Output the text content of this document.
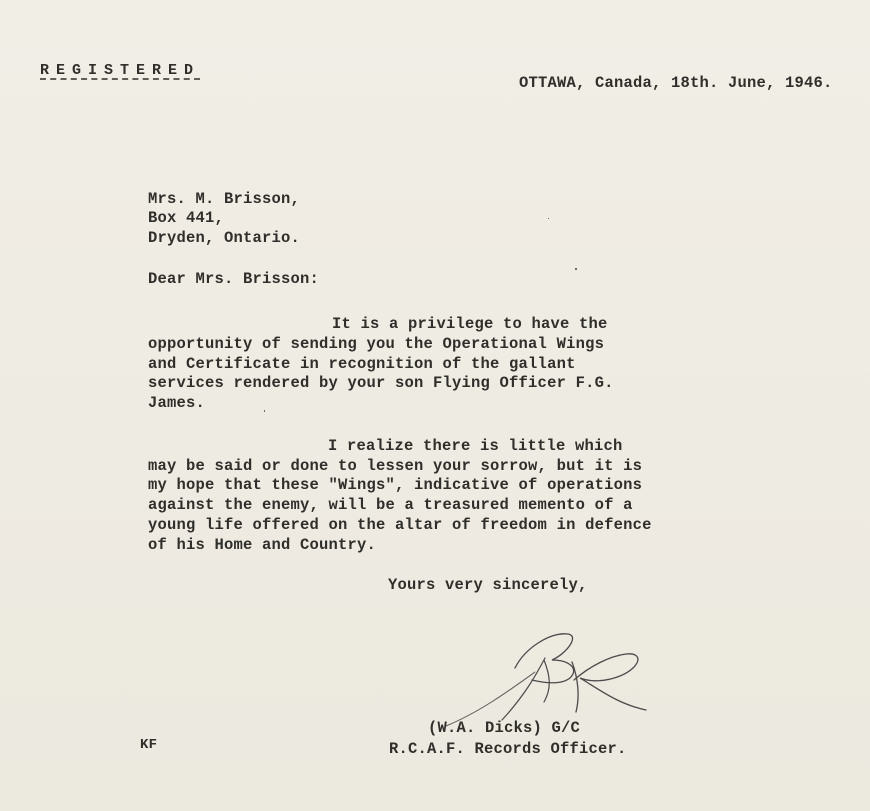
REGISTERED
OTTAWA, Canada, 18th. June, 1946.
Mrs. M. Brisson,
Box 441,
Dryden, Ontario.
Dear Mrs. Brisson:
It is a privilege to have the
opportunity of sending you the Operational Wings
and Certificate in recognition of the gallant
services rendered by your son Flying Officer F.G.
James.
I realize there is little which
may be said or done to lessen your sorrow, but it is
my hope that these "Wings", indicative of operations
against the enemy, will be a treasured memento of a
young life offered on the altar of freedom in defence
of his Home and Country.
Yours very sincerely,
(W.A. Dicks) G/C
R.C.A.F. Records Officer.
KF
